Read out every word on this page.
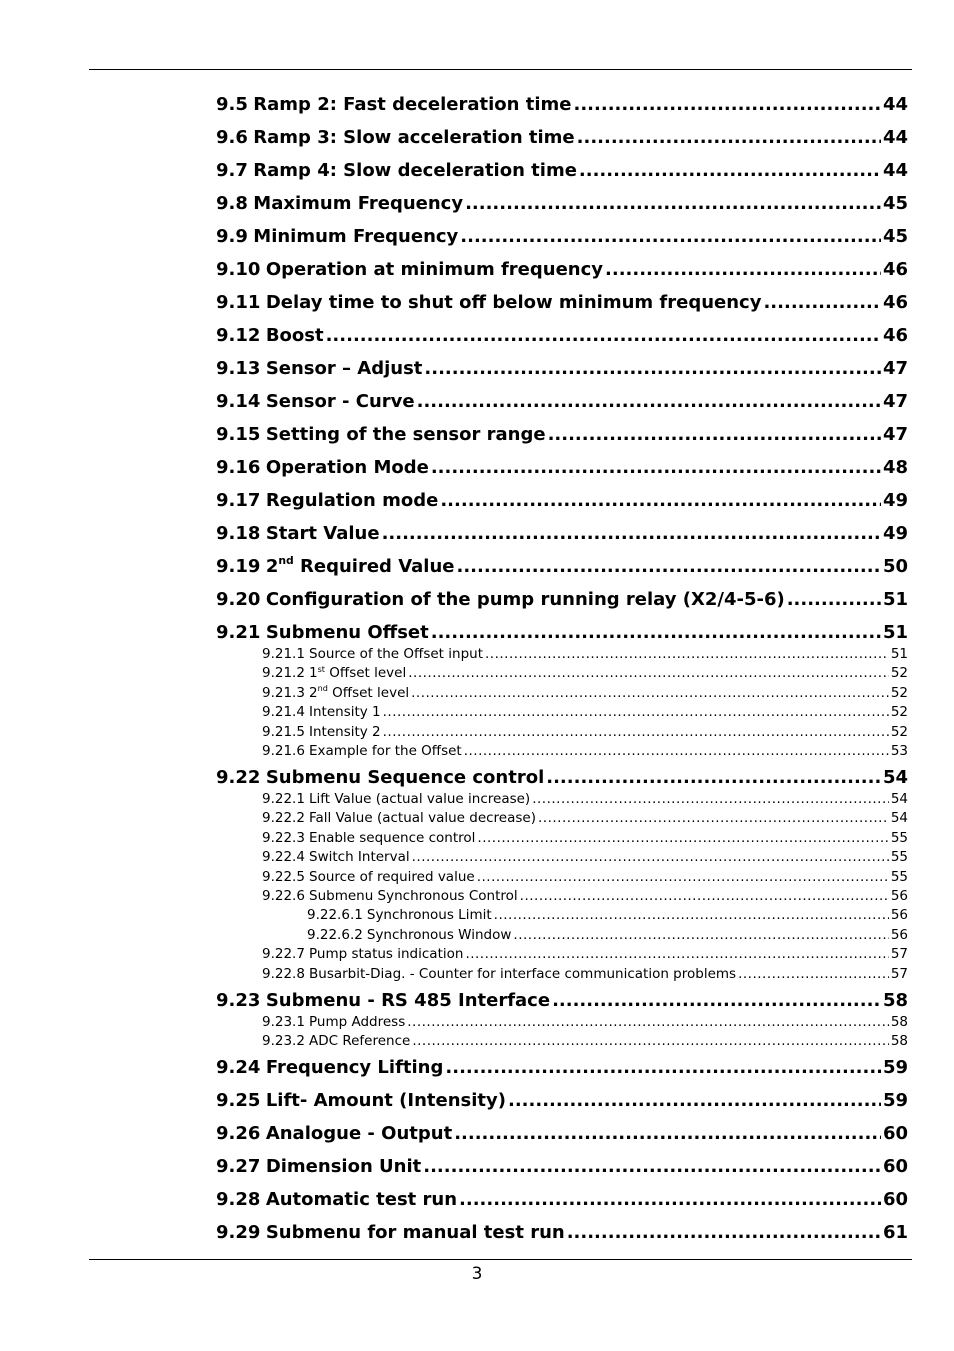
9.5 Ramp 2: Fast deceleration time .....	44
9.6 Ramp 3: Slow acceleration time .....	44
9.7 Ramp 4: Slow deceleration time .....	44
9.8 Maximum Frequency .....	45
9.9 Minimum Frequency .....	45
9.10 Operation at minimum frequency .....	46
9.11 Delay time to shut off below minimum frequency .....	46
9.12 Boost .....	46
9.13 Sensor – Adjust .....	47
9.14 Sensor - Curve .....	47
9.15 Setting of the sensor range .....	47
9.16 Operation Mode .....	48
9.17 Regulation mode .....	49
9.18 Start Value .....	49
9.19 2nd Required Value .....	50
9.20 Configuration of the pump running relay (X2/4-5-6) .....	51
9.21 Submenu Offset .....	51
9.21.1 Source of the Offset input .....	51
9.21.2 1st Offset level .....	52
9.21.3 2nd Offset level .....	52
9.21.4 Intensity 1 .....	52
9.21.5 Intensity 2 .....	52
9.21.6 Example for the Offset .....	53
9.22 Submenu Sequence control .....	54
9.22.1 Lift Value (actual value increase) .....	54
9.22.2 Fall Value (actual value decrease) .....	54
9.22.3 Enable sequence control .....	55
9.22.4 Switch Interval .....	55
9.22.5 Source of required value .....	55
9.22.6 Submenu Synchronous Control .....	56
9.22.6.1 Synchronous Limit .....	56
9.22.6.2 Synchronous Window .....	56
9.22.7 Pump status indication .....	57
9.22.8 Busarbit-Diag. - Counter for interface communication problems .....	57
9.23 Submenu - RS 485 Interface .....	58
9.23.1 Pump Address .....	58
9.23.2 ADC Reference .....	58
9.24 Frequency Lifting .....	59
9.25 Lift- Amount (Intensity) .....	59
9.26 Analogue - Output .....	60
9.27 Dimension Unit .....	60
9.28 Automatic test run .....	60
9.29 Submenu for manual test run .....	61
3
